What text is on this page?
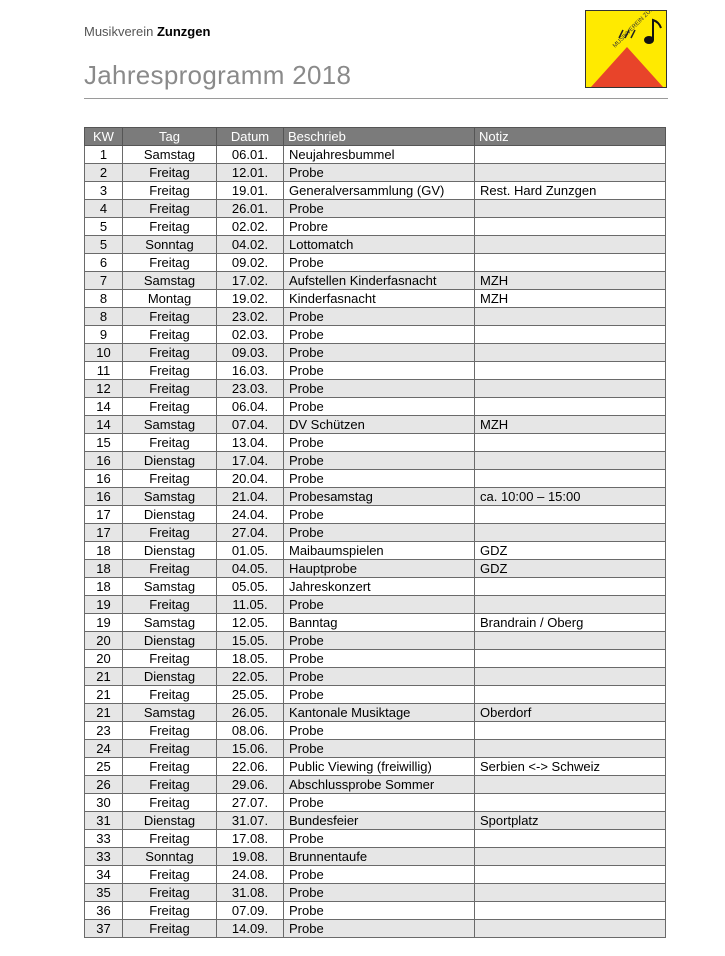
Musikverein Zunzgen
Jahresprogramm 2018
KW	Tag	Datum	Beschrieb	Notiz
1	Samstag	06.01.	Neujahresbummel	
2	Freitag	12.01.	Probe	
3	Freitag	19.01.	Generalversammlung (GV)	Rest. Hard Zunzgen
4	Freitag	26.01.	Probe	
5	Freitag	02.02.	Probre	
5	Sonntag	04.02.	Lottomatch	
6	Freitag	09.02.	Probe	
7	Samstag	17.02.	Aufstellen Kinderfasnacht	MZH
8	Montag	19.02.	Kinderfasnacht	MZH
8	Freitag	23.02.	Probe	
9	Freitag	02.03.	Probe	
10	Freitag	09.03.	Probe	
11	Freitag	16.03.	Probe	
12	Freitag	23.03.	Probe	
14	Freitag	06.04.	Probe	
14	Samstag	07.04.	DV Schützen	MZH
15	Freitag	13.04.	Probe	
16	Dienstag	17.04.	Probe	
16	Freitag	20.04.	Probe	
16	Samstag	21.04.	Probesamstag	ca. 10:00 – 15:00
17	Dienstag	24.04.	Probe	
17	Freitag	27.04.	Probe	
18	Dienstag	01.05.	Maibaumspielen	GDZ
18	Freitag	04.05.	Hauptprobe	GDZ
18	Samstag	05.05.	Jahreskonzert	
19	Freitag	11.05.	Probe	
19	Samstag	12.05.	Banntag	Brandrain / Oberg
20	Dienstag	15.05.	Probe	
20	Freitag	18.05.	Probe	
21	Dienstag	22.05.	Probe	
21	Freitag	25.05.	Probe	
21	Samstag	26.05.	Kantonale Musiktage	Oberdorf
23	Freitag	08.06.	Probe	
24	Freitag	15.06.	Probe	
25	Freitag	22.06.	Public Viewing (freiwillig)	Serbien <-> Schweiz
26	Freitag	29.06.	Abschlussprobe Sommer	
30	Freitag	27.07.	Probe	
31	Dienstag	31.07.	Bundesfeier	Sportplatz
33	Freitag	17.08.	Probe	
33	Sonntag	19.08.	Brunnentaufe	
34	Freitag	24.08.	Probe	
35	Freitag	31.08.	Probe	
36	Freitag	07.09.	Probe	
37	Freitag	14.09.	Probe	
